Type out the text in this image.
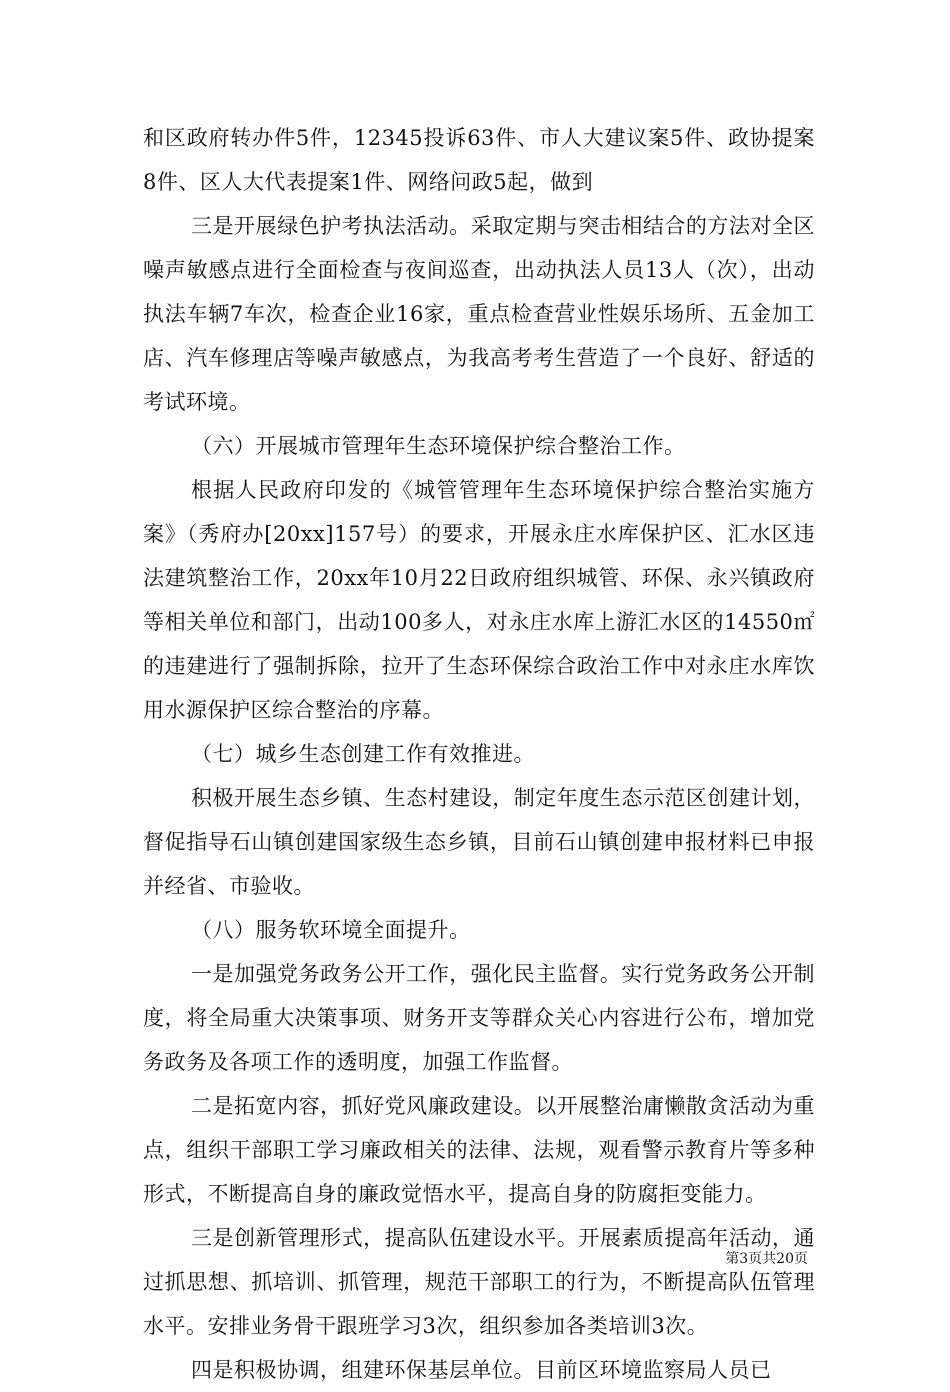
和区政府转办件5件，12345投诉63件、市人大建议案5件、政协提案8件、区人大代表提案1件、网络问政5起，做到

三是开展绿色护考执法活动。采取定期与突击相结合的方法对全区噪声敏感点进行全面检查与夜间巡查，出动执法人员13人（次），出动执法车辆7车次，检查企业16家，重点检查营业性娱乐场所、五金加工店、汽车修理店等噪声敏感点，为我高考考生营造了一个良好、舒适的考试环境。

（六）开展城市管理年生态环境保护综合整治工作。

根据人民政府印发的《城管管理年生态环境保护综合整治实施方案》（秀府办[20xx]157号）的要求，开展永庄水库保护区、汇水区违法建筑整治工作，20xx年10月22日政府组织城管、环保、永兴镇政府等相关单位和部门，出动100多人，对永庄水库上游汇水区的14550㎡的违建进行了强制拆除，拉开了生态环保综合政治工作中对永庄水库饮用水源保护区综合整治的序幕。

（七）城乡生态创建工作有效推进。

积极开展生态乡镇、生态村建设，制定年度生态示范区创建计划，督促指导石山镇创建国家级生态乡镇，目前石山镇创建申报材料已申报并经省、市验收。

（八）服务软环境全面提升。

一是加强党务政务公开工作，强化民主监督。实行党务政务公开制度，将全局重大决策事项、财务开支等群众关心内容进行公布，增加党务政务及各项工作的透明度，加强工作监督。

二是拓宽内容，抓好党风廉政建设。以开展整治庸懒散贪活动为重点，组织干部职工学习廉政相关的法律、法规，观看警示教育片等多种形式，不断提高自身的廉政觉悟水平，提高自身的防腐拒变能力。

三是创新管理形式，提高队伍建设水平。开展素质提高年活动，通过抓思想、抓培训、抓管理，规范干部职工的行为，不断提高队伍管理水平。安排业务骨干跟班学习3次，组织参加各类培训3次。

四是积极协调，组建环保基层单位。目前区环境监察局人员已

第3页共20页
